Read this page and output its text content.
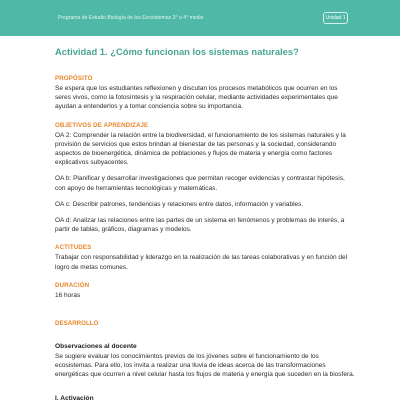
Programa de Estudio Biología de los Ecosistemas 3° o 4° medio	Unidad 1
Actividad 1. ¿Cómo funcionan los sistemas naturales?
PROPÓSITO
Se espera que los estudiantes reflexionen y discutan los procesos metabólicos que ocurren en los seres vivos, como la fotosíntesis y la respiración celular, mediante actividades experimentales que ayudan a entenderlos y a tomar conciencia sobre su importancia.
OBJETIVOS DE APRENDIZAJE
OA 2: Comprender la relación entre la biodiversidad, el funcionamiento de los sistemas naturales y la provisión de servicios que estos brindan al bienestar de las personas y la sociedad, considerando aspectos de bioenergética, dinámica de poblaciones y flujos de materia y energía como factores explicativos subyacentes.
OA b: Planificar y desarrollar investigaciones que permitan recoger evidencias y contrastar hipótesis, con apoyo de herramientas tecnológicas y matemáticas.
OA c: Describir patrones, tendencias y relaciones entre datos, información y variables.
OA d: Analizar las relaciones entre las partes de un sistema en fenómenos y problemas de interés, a partir de tablas, gráficos, diagramas y modelos.
ACTITUDES
Trabajar con responsabilidad y liderazgo en la realización de las tareas colaborativas y en función del logro de metas comunes.
DURACIÓN
16 horas
DESARROLLO
Observaciones al docente
Se sugiere evaluar los conocimientos previos de los jóvenes sobre el funcionamiento de los ecosistemas. Para ello, los invita a realizar una lluvia de ideas acerca de las transformaciones energéticas que ocurren a nivel celular hasta los flujos de materia y energía que suceden en la biosfera.
I. Activación
